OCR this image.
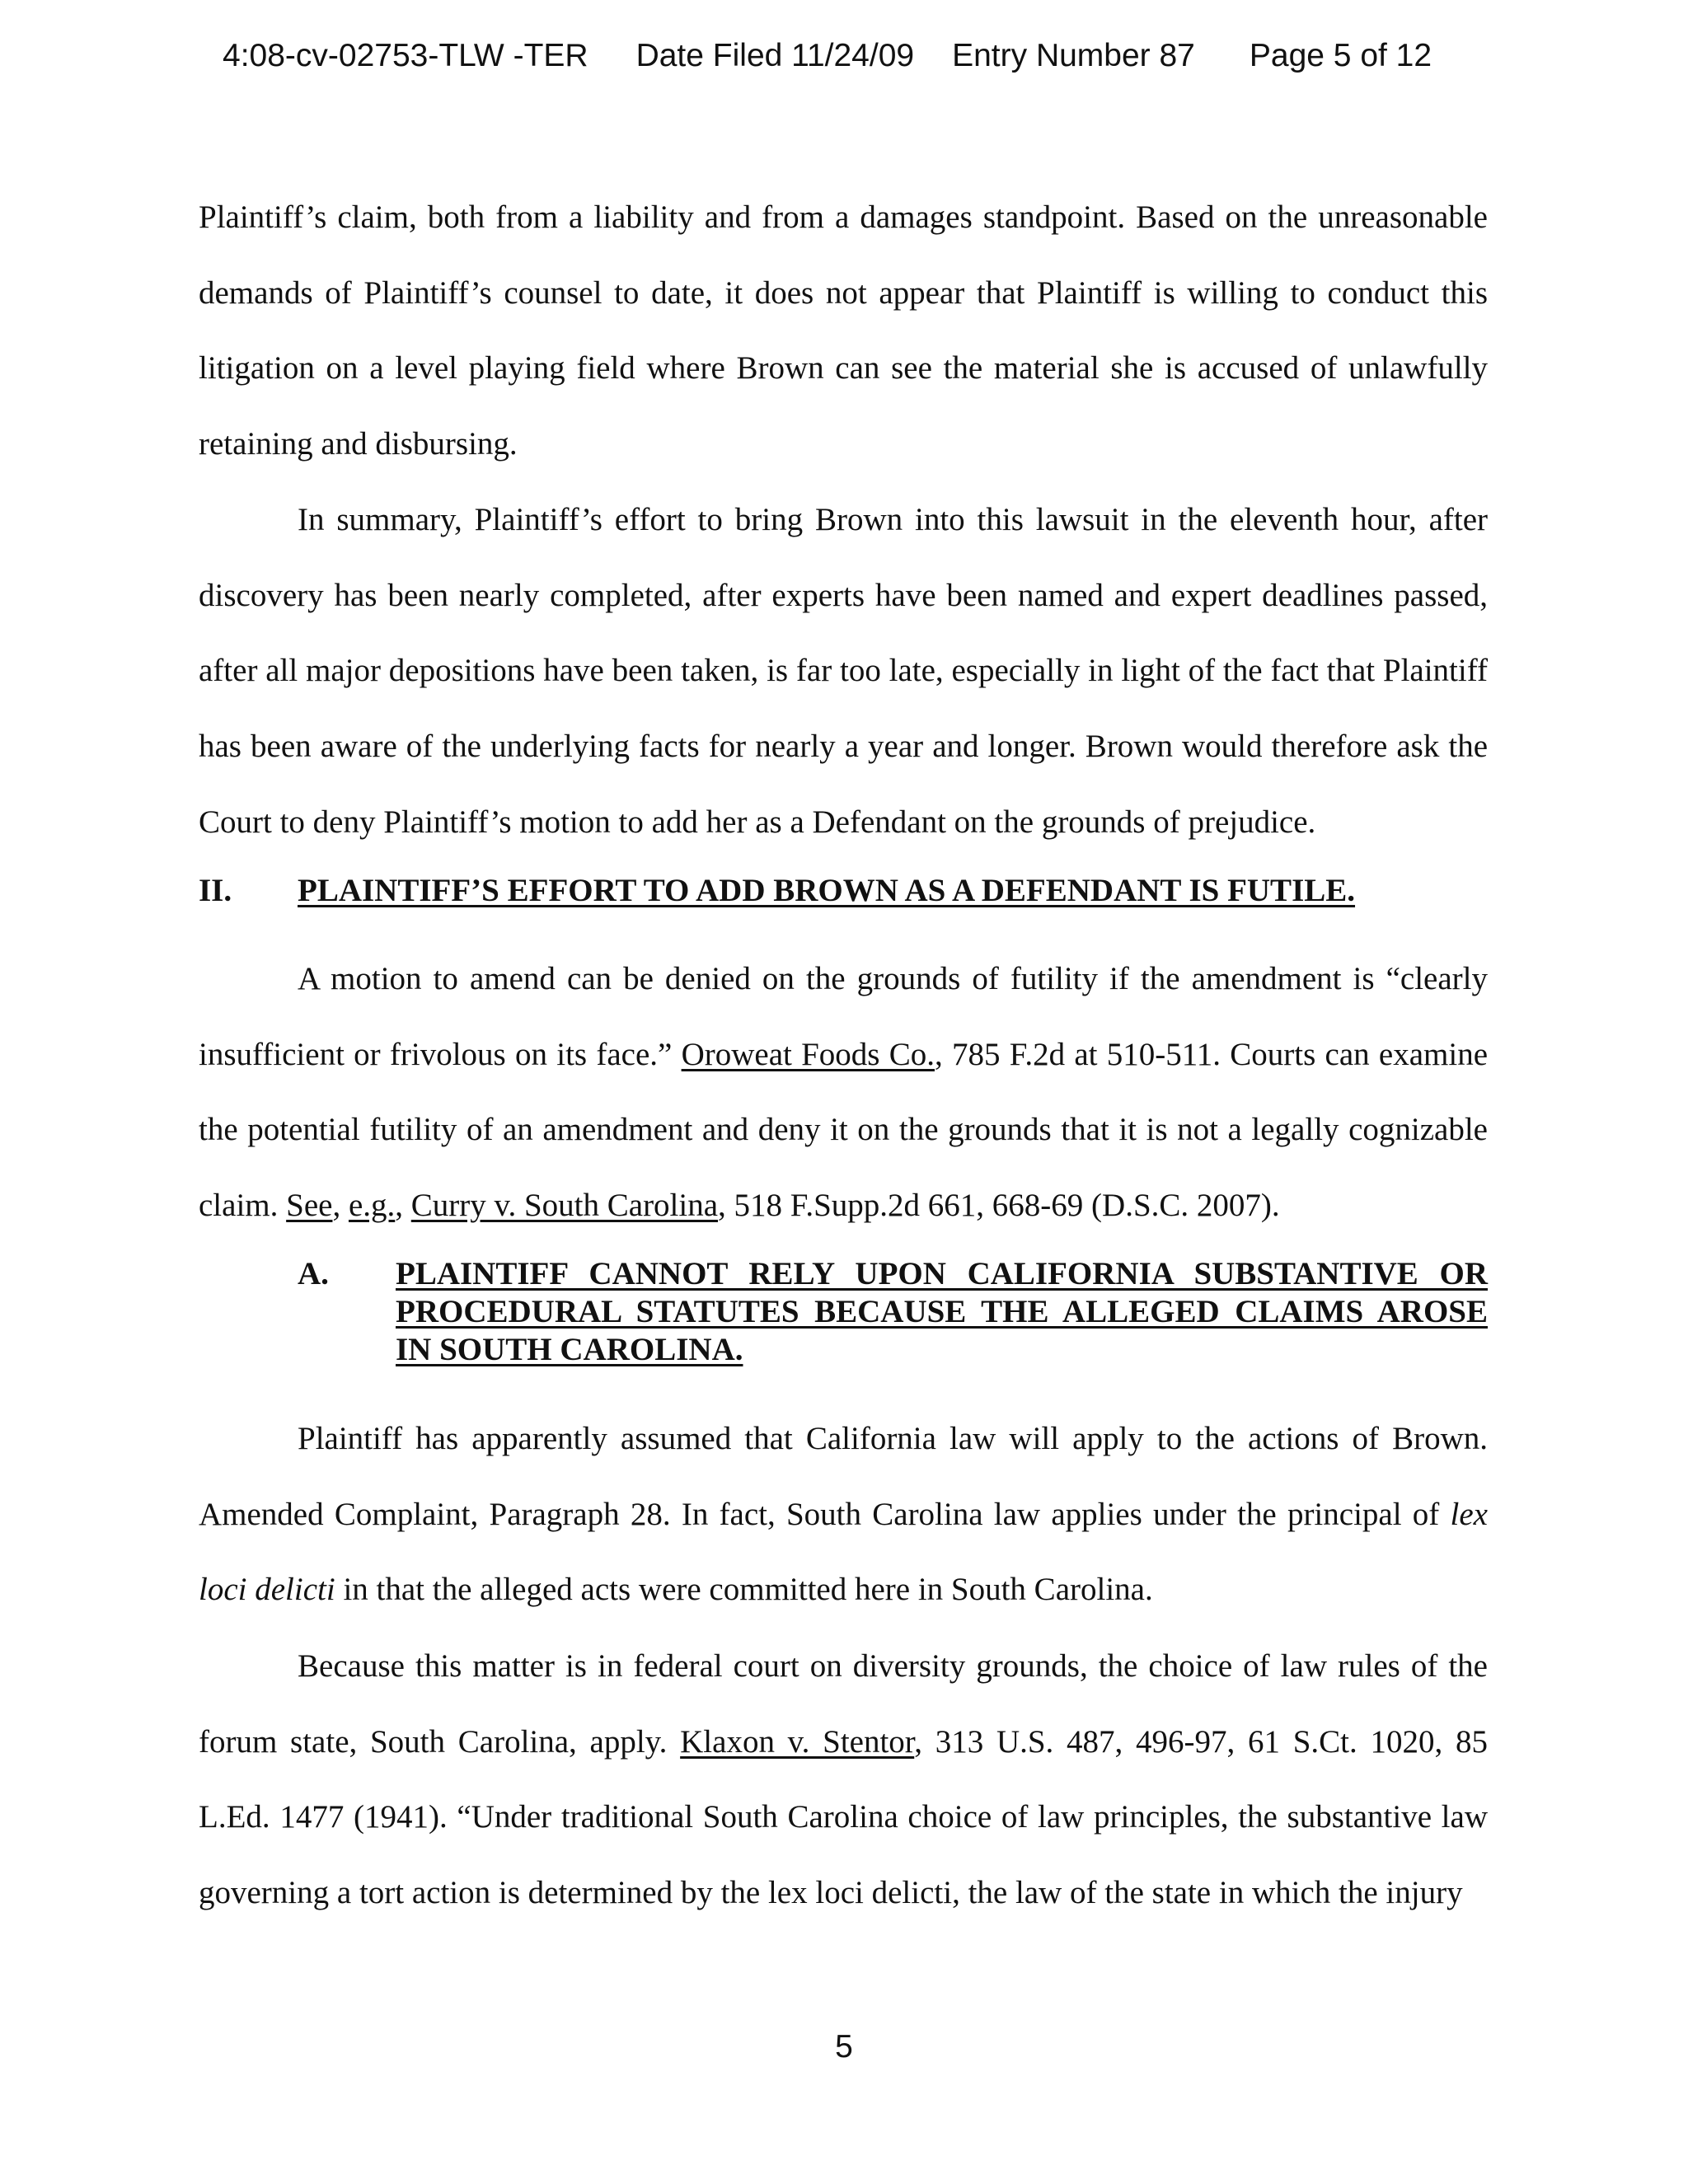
4:08-cv-02753-TLW -TER Date Filed 11/24/09 Entry Number 87 Page 5 of 12

Plaintiff’s claim, both from a liability and from a damages standpoint. Based on the unreasonable demands of Plaintiff’s counsel to date, it does not appear that Plaintiff is willing to conduct this litigation on a level playing field where Brown can see the material she is accused of unlawfully retaining and disbursing.

In summary, Plaintiff’s effort to bring Brown into this lawsuit in the eleventh hour, after discovery has been nearly completed, after experts have been named and expert deadlines passed, after all major depositions have been taken, is far too late, especially in light of the fact that Plaintiff has been aware of the underlying facts for nearly a year and longer. Brown would therefore ask the Court to deny Plaintiff’s motion to add her as a Defendant on the grounds of prejudice.

II. PLAINTIFF’S EFFORT TO ADD BROWN AS A DEFENDANT IS FUTILE.

A motion to amend can be denied on the grounds of futility if the amendment is “clearly insufficient or frivolous on its face.” Oroweat Foods Co., 785 F.2d at 510-511. Courts can examine the potential futility of an amendment and deny it on the grounds that it is not a legally cognizable claim. See, e.g., Curry v. South Carolina, 518 F.Supp.2d 661, 668-69 (D.S.C. 2007).

A. PLAINTIFF CANNOT RELY UPON CALIFORNIA SUBSTANTIVE OR PROCEDURAL STATUTES BECAUSE THE ALLEGED CLAIMS AROSE IN SOUTH CAROLINA.

Plaintiff has apparently assumed that California law will apply to the actions of Brown. Amended Complaint, Paragraph 28. In fact, South Carolina law applies under the principal of lex loci delicti in that the alleged acts were committed here in South Carolina.

Because this matter is in federal court on diversity grounds, the choice of law rules of the forum state, South Carolina, apply. Klaxon v. Stentor, 313 U.S. 487, 496-97, 61 S.Ct. 1020, 85 L.Ed. 1477 (1941). “Under traditional South Carolina choice of law principles, the substantive law governing a tort action is determined by the lex loci delicti, the law of the state in which the injury

5
